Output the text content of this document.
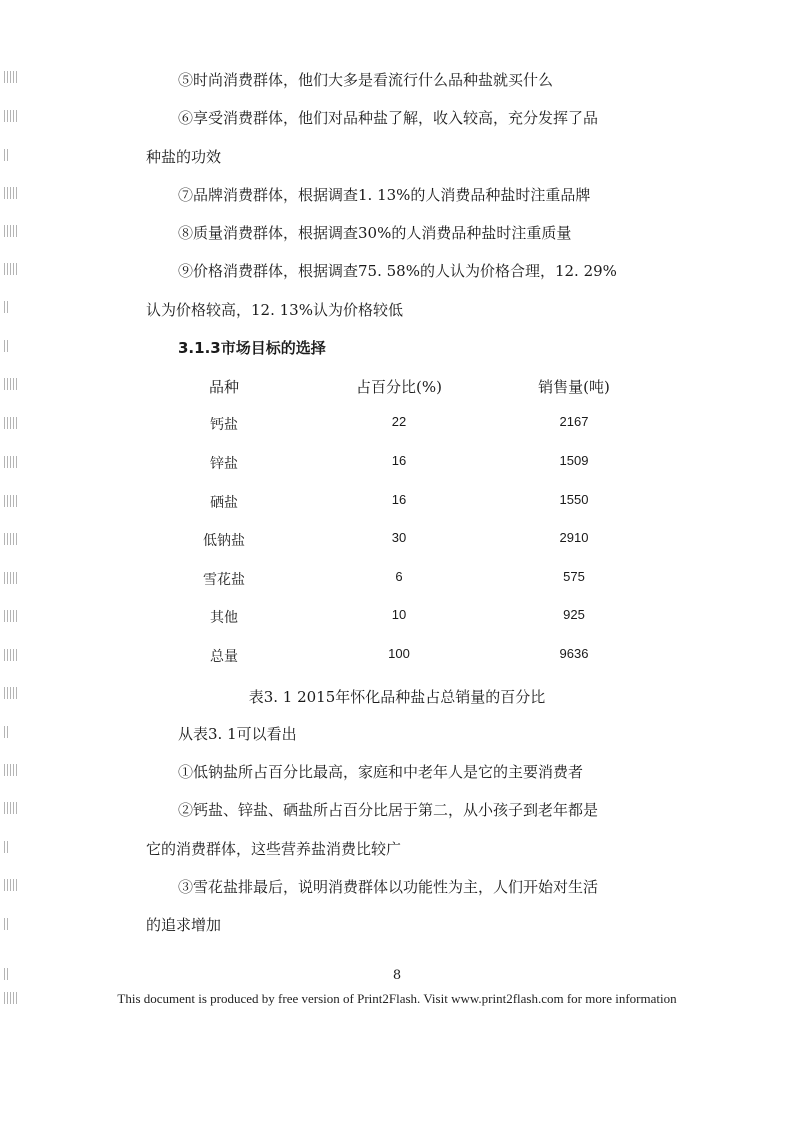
⑤时尚消费群体，他们大多是看流行什么品种盐就买什么
⑥享受消费群体，他们对品种盐了解，收入较高，充分发挥了品
种盐的功效
⑦品牌消费群体，根据调查1. 13%的人消费品种盐时注重品牌
⑧质量消费群体，根据调查30%的人消费品种盐时注重质量
⑨价格消费群体，根据调查75. 58%的人认为价格合理，12. 29%
认为价格较高，12. 13%认为价格较低
3.1.3市场目标的选择
品种	占百分比(%)	销售量(吨)
钙盐	22	2167
锌盐	16	1509
硒盐	16	1550
低钠盐	30	2910
雪花盐	6	575
其他	10	925
总量	100	9636
表3. 1 2015年怀化品种盐占总销量的百分比
从表3. 1可以看出
①低钠盐所占百分比最高，家庭和中老年人是它的主要消费者
②钙盐、锌盐、硒盐所占百分比居于第二，从小孩子到老年都是
它的消费群体，这些营养盐消费比较广
③雪花盐排最后，说明消费群体以功能性为主，人们开始对生活
的追求增加
8
This document is produced by free version of Print2Flash. Visit www.print2flash.com for more information
